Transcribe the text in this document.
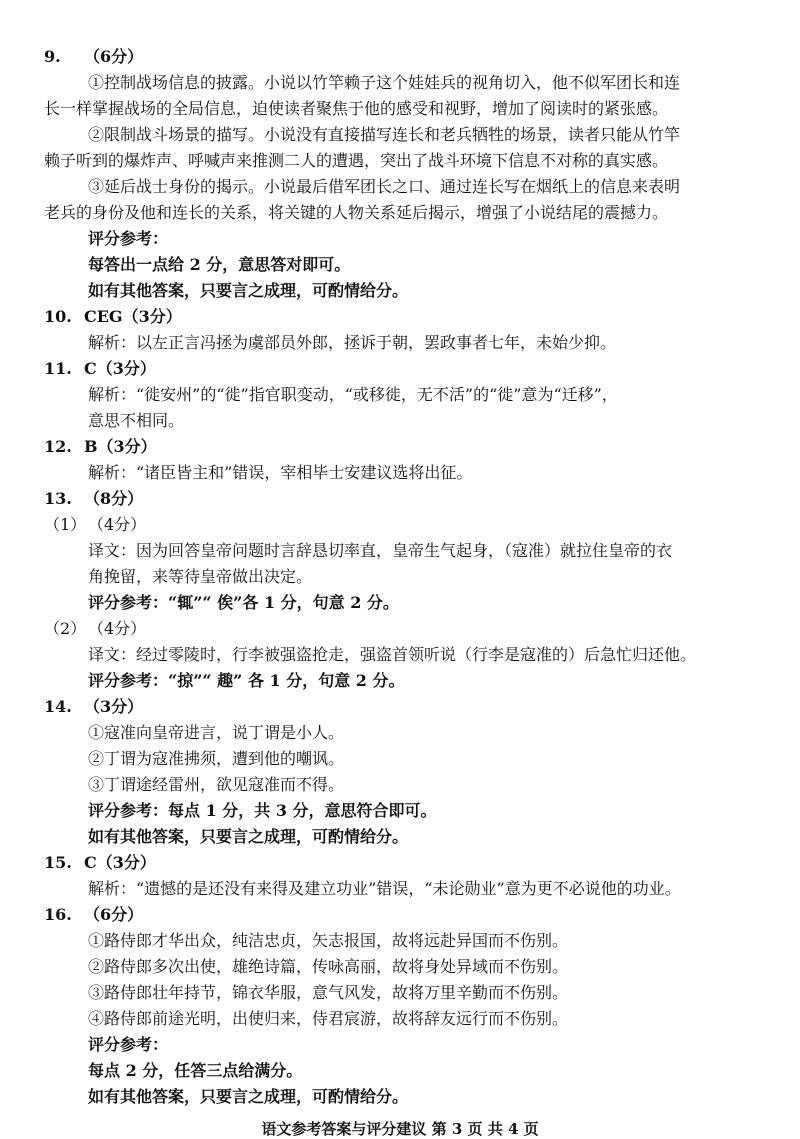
9. （6分）
①控制战场信息的披露。小说以竹竿赖子这个娃娃兵的视角切入，他不似军团长和连
长一样掌握战场的全局信息，迫使读者聚焦于他的感受和视野，增加了阅读时的紧张感。
②限制战斗场景的描写。小说没有直接描写连长和老兵牺牲的场景，读者只能从竹竿
赖子听到的爆炸声、呼喊声来推测二人的遭遇，突出了战斗环境下信息不对称的真实感。
③延后战士身份的揭示。小说最后借军团长之口、通过连长写在烟纸上的信息来表明
老兵的身份及他和连长的关系，将关键的人物关系延后揭示，增强了小说结尾的震撼力。
评分参考：
每答出一点给 2 分，意思答对即可。
如有其他答案，只要言之成理，可酌情给分。
10. CEG（3分）
解析：以左正言冯拯为虞部员外郎，拯诉于朝，罢政事者七年，未始少抑。
11. C（3分）
解析：“徙安州”的“徙”指官职变动，“或移徙，无不活”的“徙”意为“迁移”，
意思不相同。
12. B（3分）
解析：“诸臣皆主和”错误，宰相毕士安建议选将出征。
13. （8分）
（1） （4分）
译文：因为回答皇帝问题时言辞恳切率直，皇帝生气起身，（寇准）就拉住皇帝的衣
角挽留，来等待皇帝做出决定。
评分参考：“辄”“ 俟”各 1 分，句意 2 分。
（2） （4分）
译文：经过零陵时，行李被强盗抢走，强盗首领听说（行李是寇准的）后急忙归还他。
评分参考：“掠”“ 趣” 各 1 分，句意 2 分。
14. （3分）
①寇准向皇帝进言，说丁谓是小人。
②丁谓为寇准拂须，遭到他的嘲讽。
③丁谓途经雷州，欲见寇准而不得。
评分参考：每点 1 分，共 3 分，意思符合即可。
如有其他答案，只要言之成理，可酌情给分。
15. C（3分）
解析：“遗憾的是还没有来得及建立功业”错误，“未论勋业”意为更不必说他的功业。
16. （6分）
①路侍郎才华出众，纯洁忠贞，矢志报国，故将远赴异国而不伤别。
②路侍郎多次出使，雄绝诗篇，传咏高丽，故将身处异域而不伤别。
③路侍郎壮年持节，锦衣华服，意气风发，故将万里辛勤而不伤别。
④路侍郎前途光明，出使归来，侍君宸游，故将辞友远行而不伤别。
评分参考：
每点 2 分，任答三点给满分。
如有其他答案，只要言之成理，可酌情给分。
语文参考答案与评分建议 第 3 页 共 4 页
